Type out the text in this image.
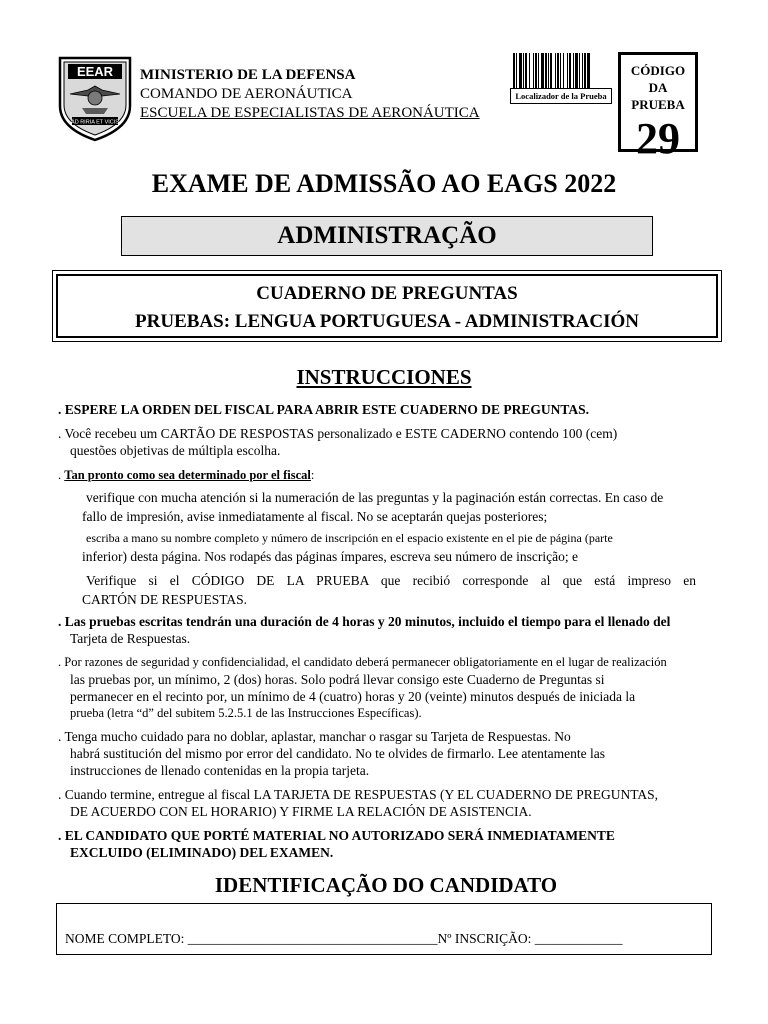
EEAR
ÁD RIRIA ET VICIS
MINISTERIO DE LA DEFENSA
COMANDO DE AERONÁUTICA
ESCUELA DE ESPECIALISTAS DE AERONÁUTICA
Localizador de la Prueba
CÓDIGO DA PRUEBA
29
EXAME DE ADMISSÃO AO EAGS 2022
ADMINISTRAÇÃO
CUADERNO DE PREGUNTAS
PRUEBAS: LENGUA PORTUGUESA - ADMINISTRACIÓN
INSTRUCCIONES
. ESPERE LA ORDEN DEL FISCAL PARA ABRIR ESTE CUADERNO DE PREGUNTAS.
. Você recebeu um CARTÃO DE RESPOSTAS personalizado e ESTE CADERNO contendo 100 (cem)
questões objetivas de múltipla escolha.
. Tan pronto como sea determinado por el fiscal:
verifique con mucha atención si la numeración de las preguntas y la paginación están correctas. En caso de
fallo de impresión, avise inmediatamente al fiscal. No se aceptarán quejas posteriores;
escriba a mano su nombre completo y número de inscripción en el espacio existente en el pie de página (parte
inferior) desta página. Nos rodapés das páginas ímpares, escreva seu número de inscrição; e
Verifique si el CÓDIGO DE LA PRUEBA que recibió corresponde al que está impreso en
CARTÓN DE RESPUESTAS.
. Las pruebas escritas tendrán una duración de 4 horas y 20 minutos, incluido el tiempo para el llenado del
Tarjeta de Respuestas.
. Por razones de seguridad y confidencialidad, el candidato deberá permanecer obligatoriamente en el lugar de realización
las pruebas por, un mínimo, 2 (dos) horas. Solo podrá llevar consigo este Cuaderno de Preguntas si
permanecer en el recinto por, un mínimo de 4 (cuatro) horas y 20 (veinte) minutos después de iniciada la
prueba (letra “d” del subitem 5.2.5.1 de las Instrucciones Específicas).
. Tenga mucho cuidado para no doblar, aplastar, manchar o rasgar su Tarjeta de Respuestas. No
habrá sustitución del mismo por error del candidato. No te olvides de firmarlo. Lee atentamente las
instrucciones de llenado contenidas en la propia tarjeta.
. Cuando termine, entregue al fiscal LA TARJETA DE RESPUESTAS (Y EL CUADERNO DE PREGUNTAS,
DE ACUERDO CON EL HORARIO) Y FIRME LA RELACIÓN DE ASISTENCIA.
. EL CANDIDATO QUE PORTÉ MATERIAL NO AUTORIZADO SERÁ INMEDIATAMENTE
EXCLUIDO (ELIMINADO) DEL EXAMEN.
IDENTIFICAÇÃO DO CANDIDATO
NOME COMPLETO: _____________________________________Nº INSCRIÇÃO: _____________
